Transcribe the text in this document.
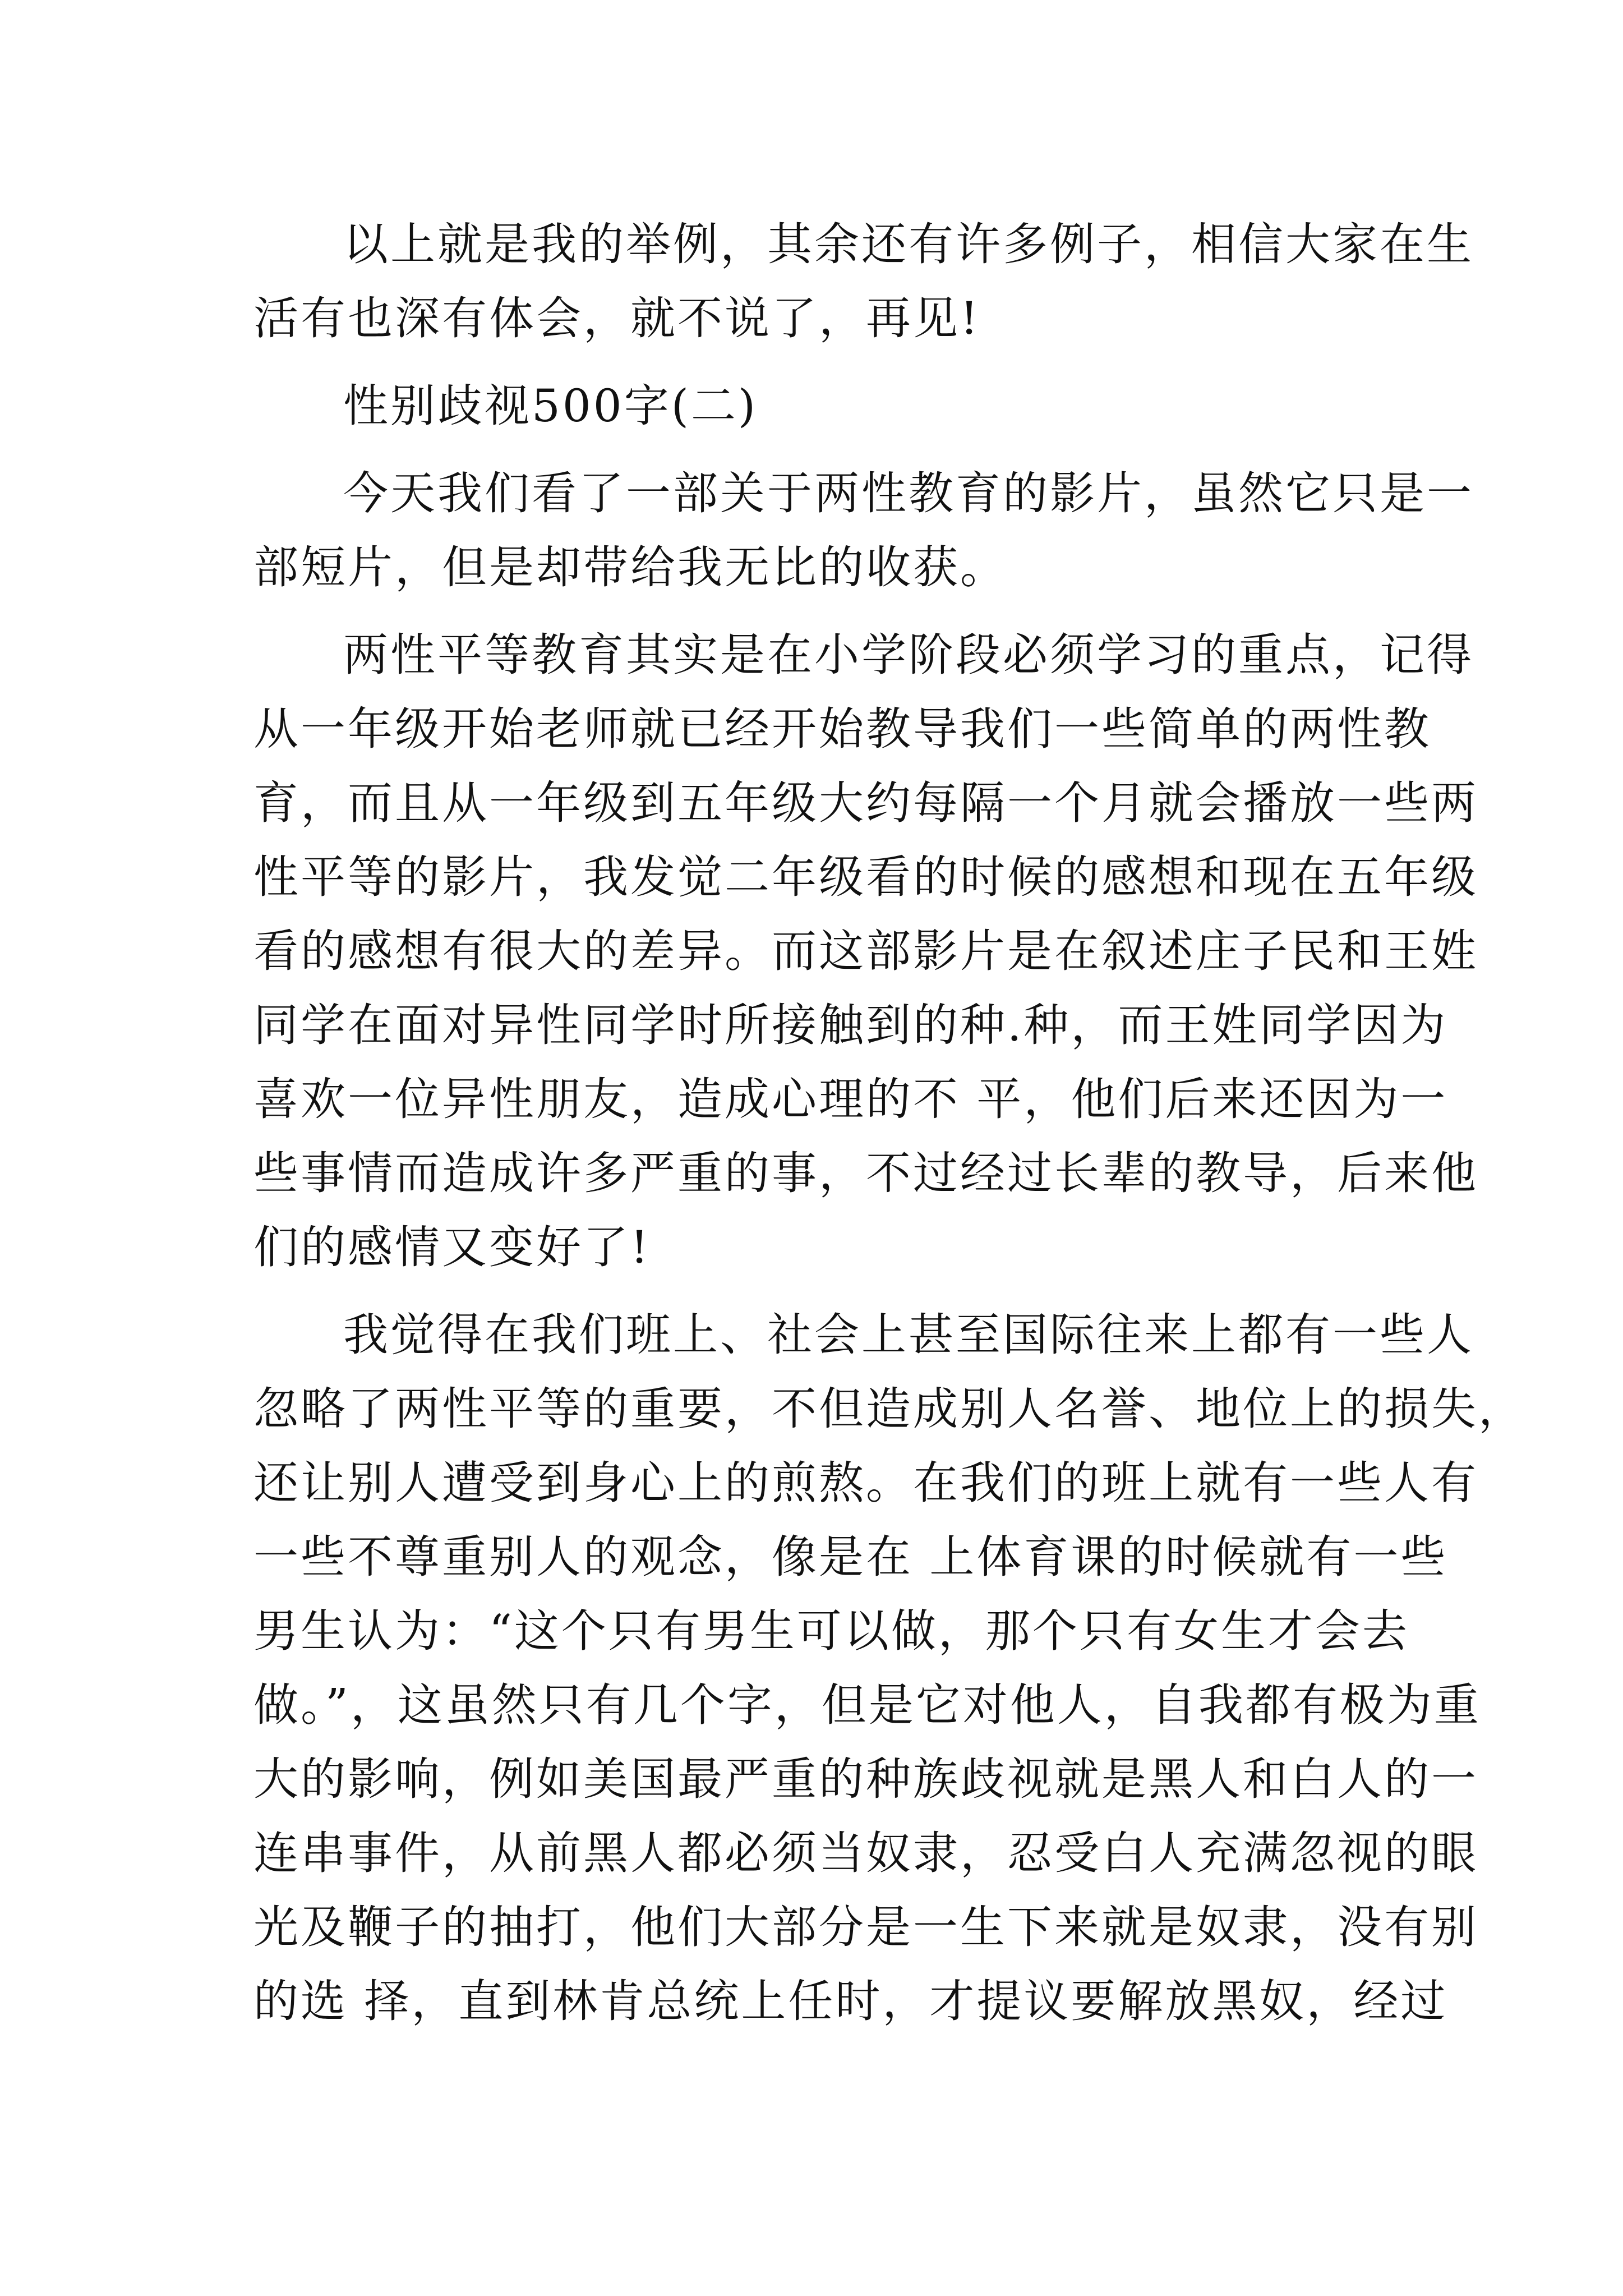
以上就是我的举例，其余还有许多例子，相信大家在生
活有也深有体会，就不说了，再见!
性别歧视500字(二)
今天我们看了一部关于两性教育的影片，虽然它只是一
部短片，但是却带给我无比的收获。
两性平等教育其实是在小学阶段必须学习的重点，记得
从一年级开始老师就已经开始教导我们一些简单的两性教
育，而且从一年级到五年级大约每隔一个月就会播放一些两
性平等的影片，我发觉二年级看的时候的感想和现在五年级
看的感想有很大的差异。而这部影片是在叙述庄子民和王姓
同学在面对异性同学时所接触到的种.种，而王姓同学因为
喜欢一位异性朋友，造成心理的不 平，他们后来还因为一
些事情而造成许多严重的事，不过经过长辈的教导，后来他
们的感情又变好了!
我觉得在我们班上、社会上甚至国际往来上都有一些人
忽略了两性平等的重要，不但造成别人名誉、地位上的损失，
还让别人遭受到身心上的煎熬。在我们的班上就有一些人有
一些不尊重别人的观念，像是在 上体育课的时候就有一些
男生认为：“这个只有男生可以做，那个只有女生才会去
做。”，这虽然只有几个字，但是它对他人，自我都有极为重
大的影响，例如美国最严重的种族歧视就是黑人和白人的一
连串事件，从前黑人都必须当奴隶，忍受白人充满忽视的眼
光及鞭子的抽打，他们大部分是一生下来就是奴隶，没有别
的选 择，直到林肯总统上任时，才提议要解放黑奴，经过
